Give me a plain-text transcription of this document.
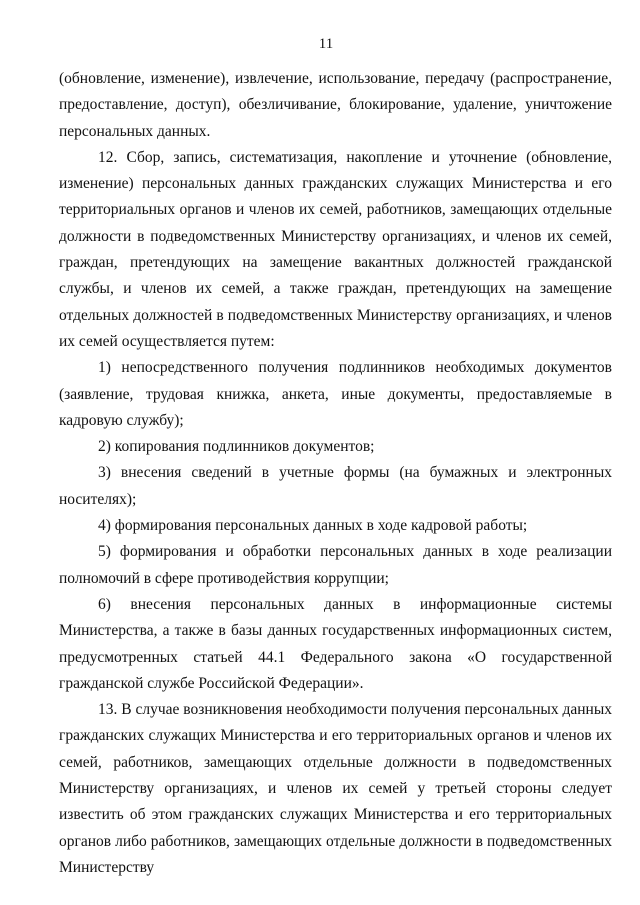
11

(обновление, изменение), извлечение, использование, передачу (распространение, предоставление, доступ), обезличивание, блокирование, удаление, уничтожение персональных данных.

12. Сбор, запись, систематизация, накопление и уточнение (обновление, изменение) персональных данных гражданских служащих Министерства и его территориальных органов и членов их семей, работников, замещающих отдельные должности в подведомственных Министерству организациях, и членов их семей, граждан, претендующих на замещение вакантных должностей гражданской службы, и членов их семей, а также граждан, претендующих на замещение отдельных должностей в подведомственных Министерству организациях, и членов их семей осуществляется путем:

1) непосредственного получения подлинников необходимых документов (заявление, трудовая книжка, анкета, иные документы, предоставляемые в кадровую службу);

2) копирования подлинников документов;

3) внесения сведений в учетные формы (на бумажных и электронных носителях);

4) формирования персональных данных в ходе кадровой работы;

5) формирования и обработки персональных данных в ходе реализации полномочий в сфере противодействия коррупции;

6) внесения персональных данных в информационные системы Министерства, а также в базы данных государственных информационных систем, предусмотренных статьей 44.1 Федерального закона «О государственной гражданской службе Российской Федерации».

13. В случае возникновения необходимости получения персональных данных гражданских служащих Министерства и его территориальных органов и членов их семей, работников, замещающих отдельные должности в подведомственных Министерству организациях, и членов их семей у третьей стороны следует известить об этом гражданских служащих Министерства и его территориальных органов либо работников, замещающих отдельные должности в подведомственных Министерству
